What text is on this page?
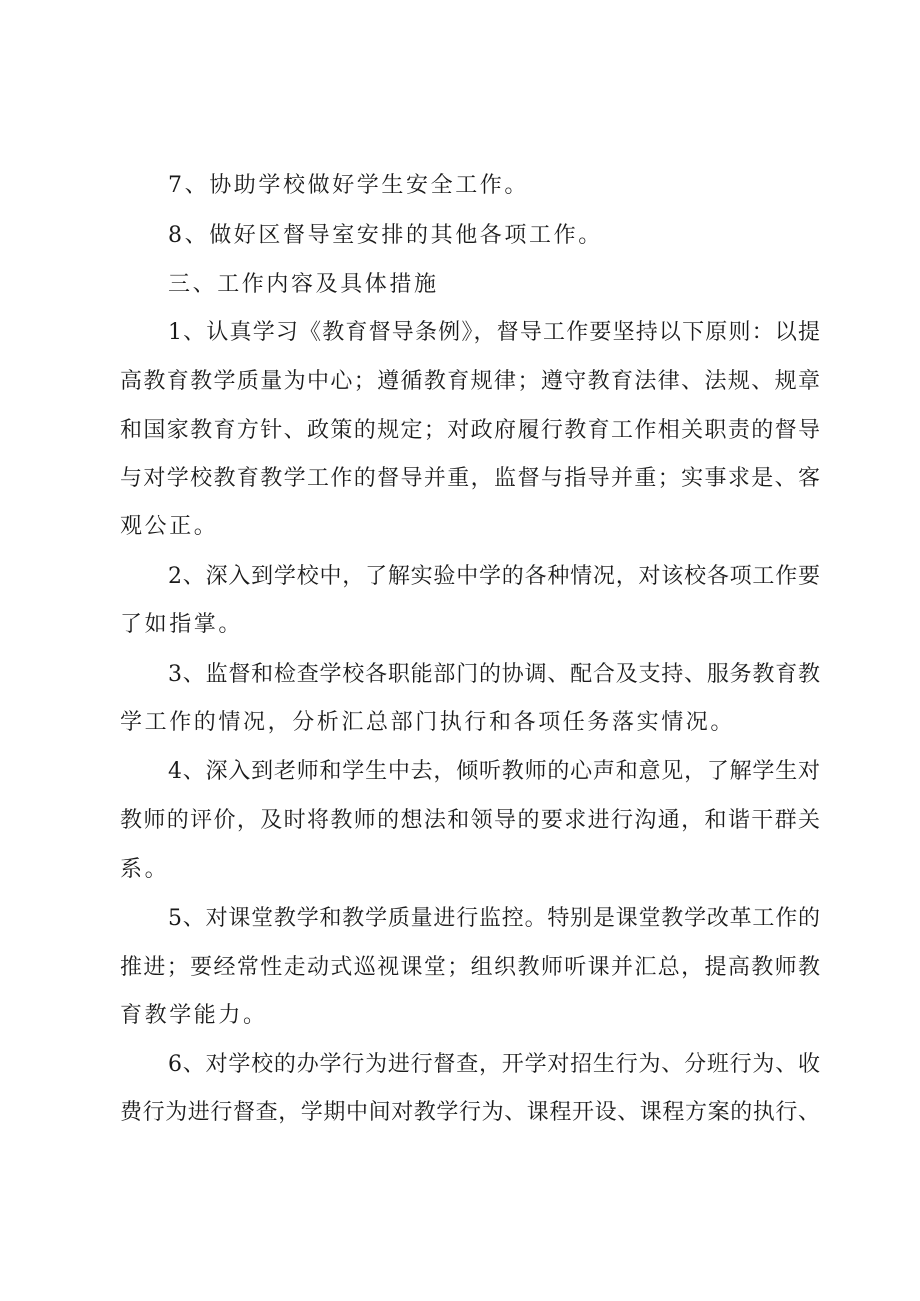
7、协助学校做好学生安全工作。
8、做好区督导室安排的其他各项工作。
三、工作内容及具体措施
1、认真学习《教育督导条例》，督导工作要坚持以下原则：以提
高教育教学质量为中心；遵循教育规律；遵守教育法律、法规、规章
和国家教育方针、政策的规定；对政府履行教育工作相关职责的督导
与对学校教育教学工作的督导并重，监督与指导并重；实事求是、客
观公正。
2、深入到学校中，了解实验中学的各种情况，对该校各项工作要
了如指掌。
3、监督和检查学校各职能部门的协调、配合及支持、服务教育教
学工作的情况，分析汇总部门执行和各项任务落实情况。
4、深入到老师和学生中去，倾听教师的心声和意见，了解学生对
教师的评价，及时将教师的想法和领导的要求进行沟通，和谐干群关
系。
5、对课堂教学和教学质量进行监控。特别是课堂教学改革工作的
推进；要经常性走动式巡视课堂；组织教师听课并汇总，提高教师教
育教学能力。
6、对学校的办学行为进行督查，开学对招生行为、分班行为、收
费行为进行督查，学期中间对教学行为、课程开设、课程方案的执行、
